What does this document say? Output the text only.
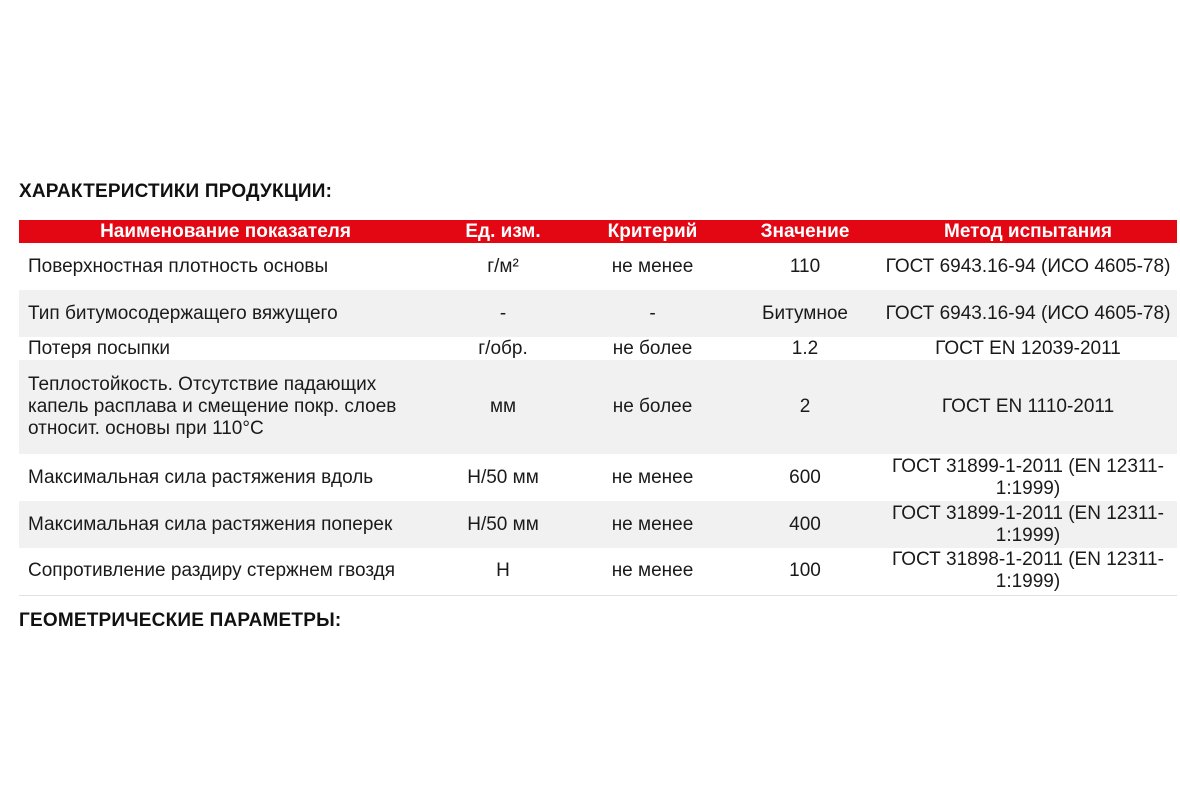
ХАРАКТЕРИСТИКИ ПРОДУКЦИИ:
Наименование показателя	Ед. изм.	Критерий	Значение	Метод испытания
Поверхностная плотность основы	г/м²	не менее	110	ГОСТ 6943.16-94 (ИСО 4605-78)
Тип битумосодержащего вяжущего	-	-	Битумное	ГОСТ 6943.16-94 (ИСО 4605-78)
Потеря посыпки	г/обр.	не более	1.2	ГОСТ EN 12039-2011
Теплостойкость. Отсутствие падающих капель расплава и смещение покр. слоев относит. основы при 110°С	мм	не более	2	ГОСТ EN 1110-2011
Максимальная сила растяжения вдоль	Н/50 мм	не менее	600	ГОСТ 31899-1-2011 (EN 12311-1:1999)
Максимальная сила растяжения поперек	Н/50 мм	не менее	400	ГОСТ 31899-1-2011 (EN 12311-1:1999)
Сопротивление раздиру стержнем гвоздя	Н	не менее	100	ГОСТ 31898-1-2011 (EN 12311-1:1999)
ГЕОМЕТРИЧЕСКИЕ ПАРАМЕТРЫ:
